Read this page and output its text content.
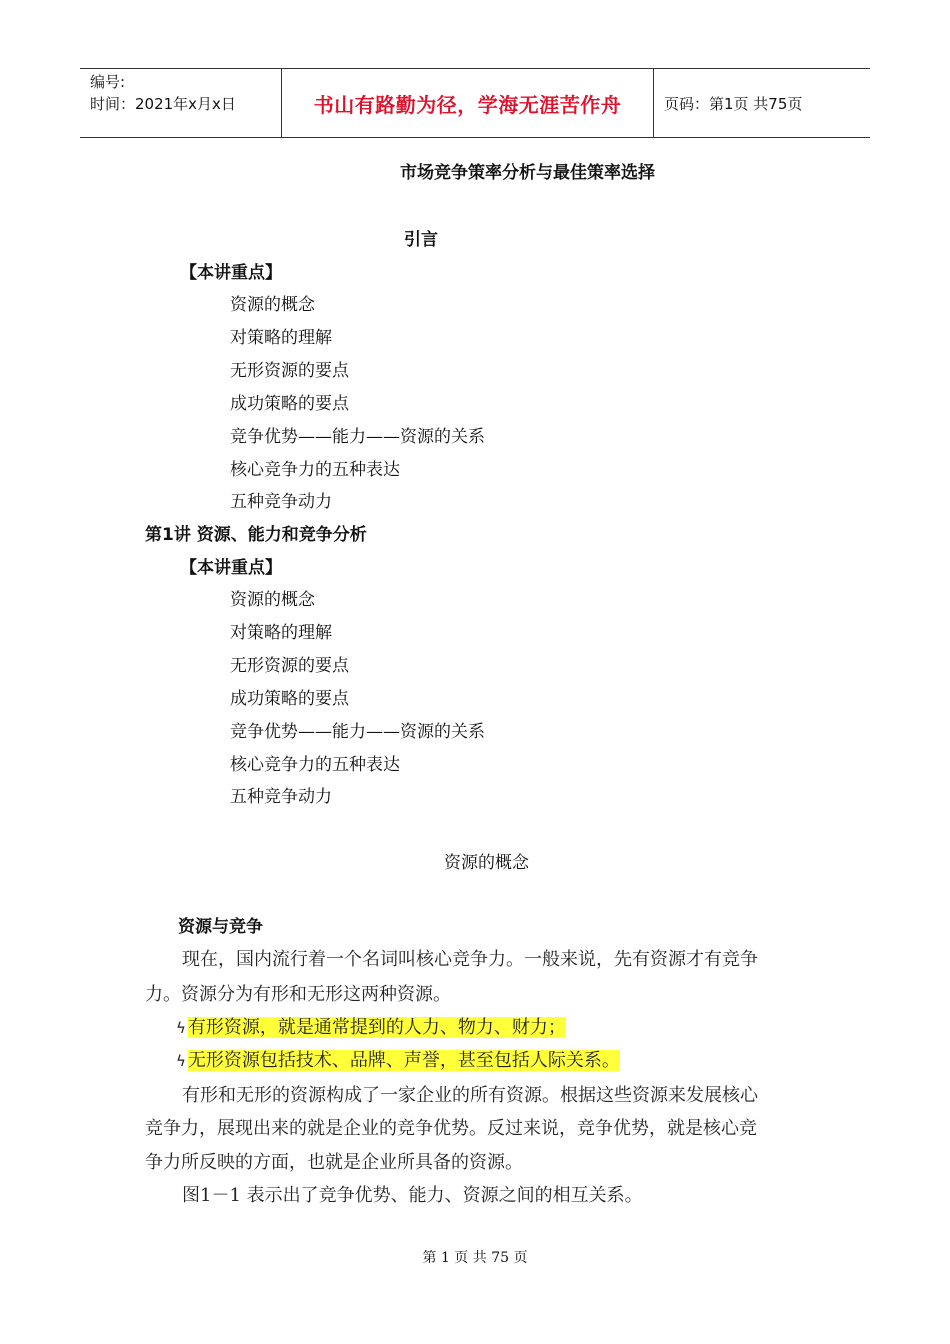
编号:
时间：2021年x月x日	书山有路勤为径，学海无涯苦作舟	页码：第1页 共75页
市场竞争策率分析与最佳策率选择
引言
【本讲重点】
资源的概念
对策略的理解
无形资源的要点
成功策略的要点
竞争优势——能力——资源的关系
核心竞争力的五种表达
五种竞争动力
第1讲 资源、能力和竞争分析
【本讲重点】
资源的概念
对策略的理解
无形资源的要点
成功策略的要点
竞争优势——能力——资源的关系
核心竞争力的五种表达
五种竞争动力
资源的概念
资源与竞争
现在，国内流行着一个名词叫核心竞争力。一般来说，先有资源才有竞争
力。资源分为有形和无形这两种资源。
ϟ 有形资源，就是通常提到的人力、物力、财力；
ϟ 无形资源包括技术、品牌、声誉，甚至包括人际关系。
有形和无形的资源构成了一家企业的所有资源。根据这些资源来发展核心
竞争力，展现出来的就是企业的竞争优势。反过来说，竞争优势，就是核心竞
争力所反映的方面，也就是企业所具备的资源。
图1－1 表示出了竞争优势、能力、资源之间的相互关系。
第 1 页 共 75 页
